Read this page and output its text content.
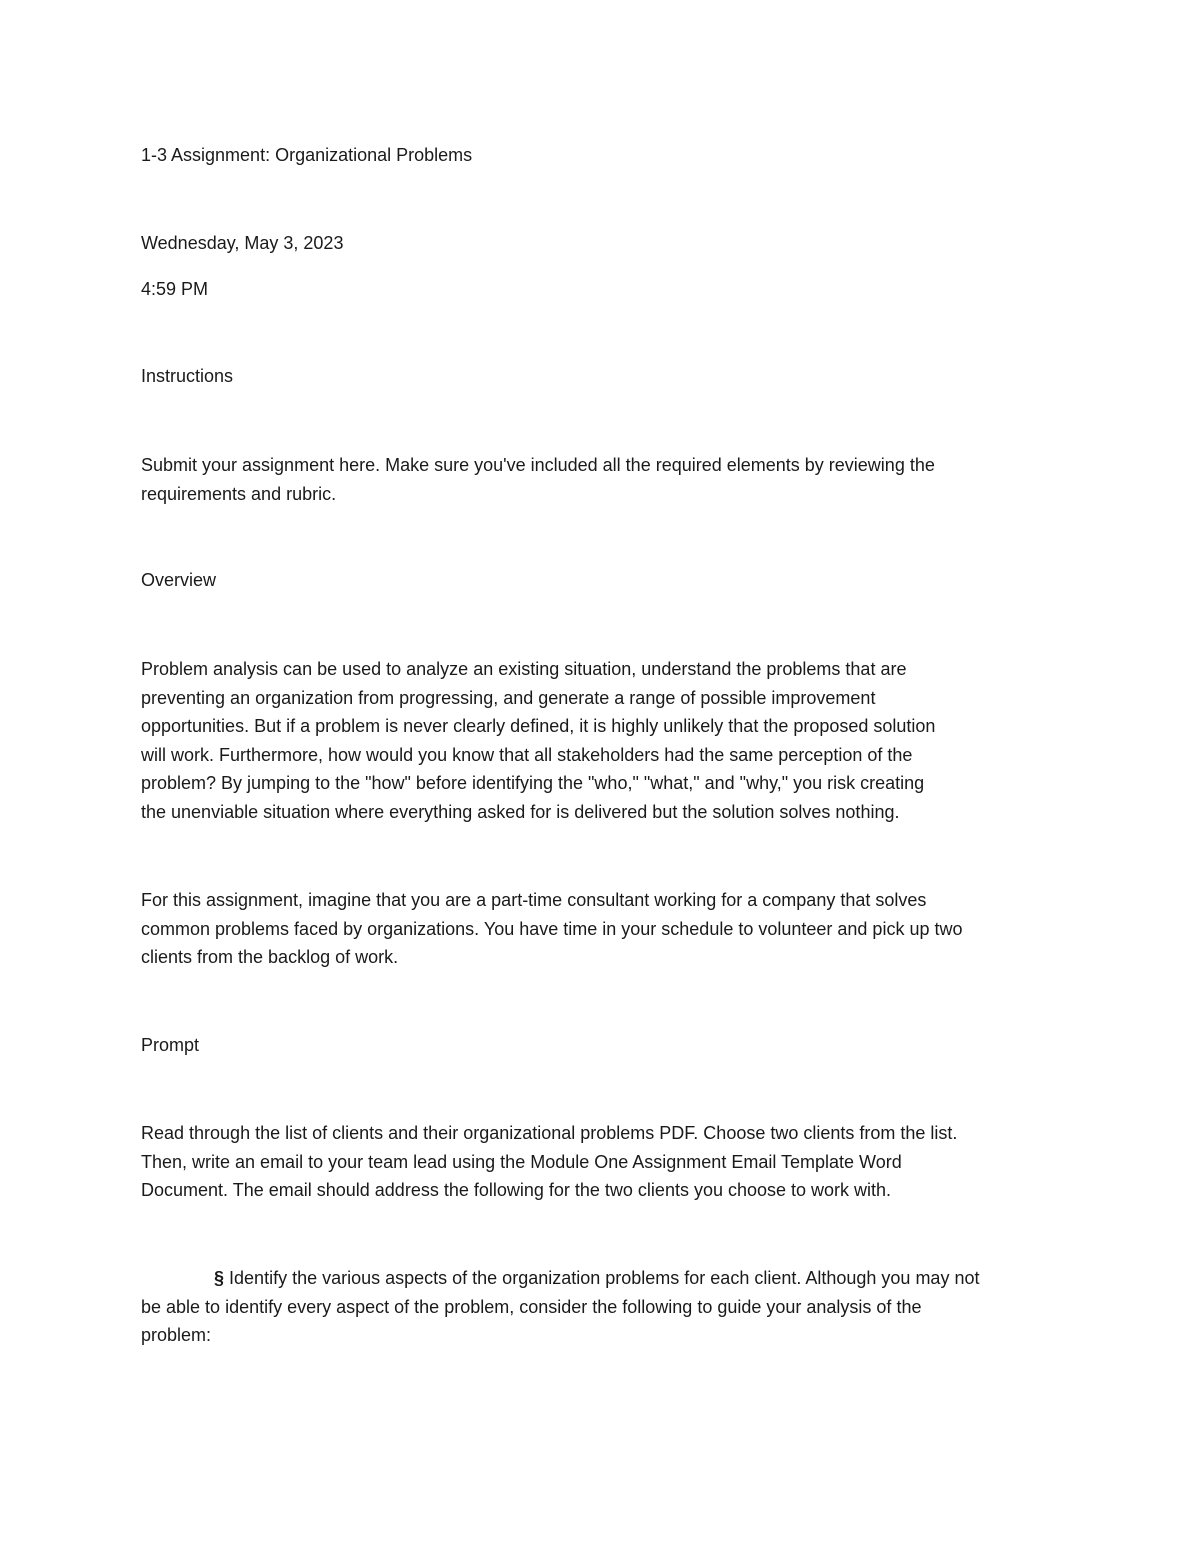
1-3 Assignment: Organizational Problems
Wednesday, May 3, 2023
4:59 PM
Instructions

Submit your assignment here. Make sure you've included all the required elements by reviewing the

requirements and rubric.

Overview

Problem analysis can be used to analyze an existing situation, understand the problems that are

preventing an organization from progressing, and generate a range of possible improvement

opportunities. But if a problem is never clearly defined, it is highly unlikely that the proposed solution

will work. Furthermore, how would you know that all stakeholders had the same perception of the

problem? By jumping to the "how" before identifying the "who," "what," and "why," you risk creating

the unenviable situation where everything asked for is delivered but the solution solves nothing.

For this assignment, imagine that you are a part-time consultant working for a company that solves

common problems faced by organizations. You have time in your schedule to volunteer and pick up two

clients from the backlog of work.

Prompt

Read through the list of clients and their organizational problems PDF. Choose two clients from the list.

Then, write an email to your team lead using the Module One Assignment Email Template Word

Document. The email should address the following for the two clients you choose to work with.

§ Identify the various aspects of the organization problems for each client. Although you may not

be able to identify every aspect of the problem, consider the following to guide your analysis of the

problem:
